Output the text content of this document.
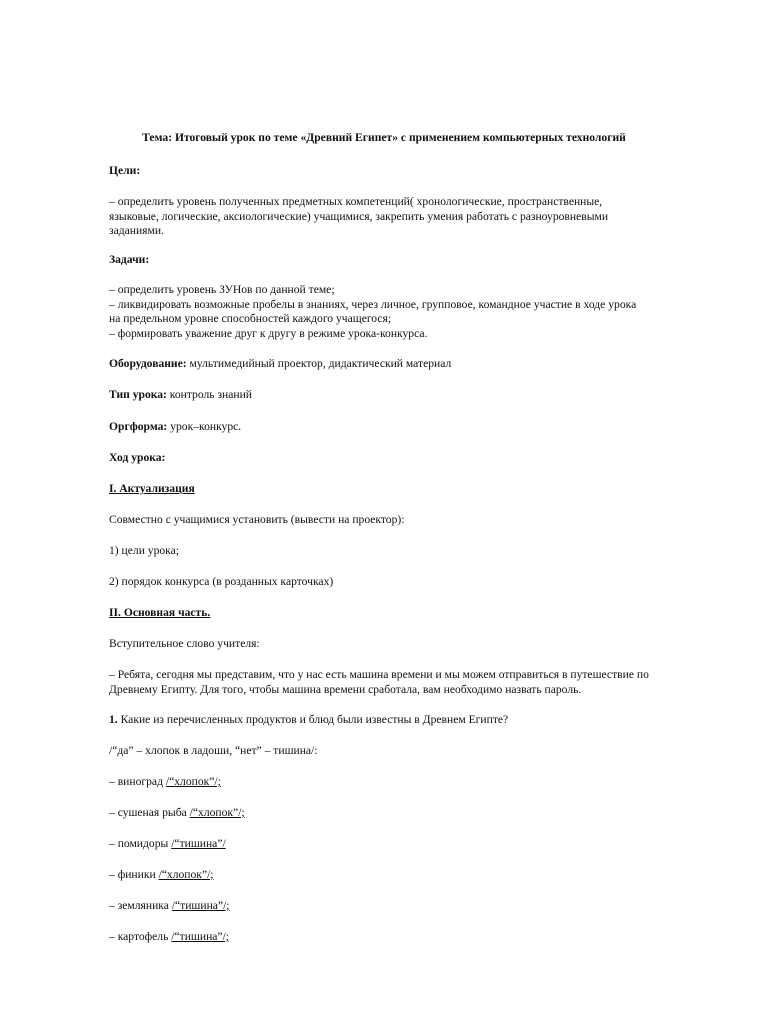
Тема: Итоговый урок по теме «Древний Египет» с применением компьютерных технологий

Цели:

– определить уровень полученных предметных компетенций( хронологические, пространственные,
языковые, логические, аксиологические) учащимися, закрепить умения работать с разноуровневыми
заданиями.

Задачи:

– определить уровень ЗУНов по данной теме;
– ликвидировать возможные пробелы в знаниях, через личное, групповое, командное участие в ходе урока
на предельном уровне способностей каждого учащегося;
– формировать уважение друг к другу в режиме урока-конкурса.

Оборудование: мультимедийный проектор, дидактический материал

Тип урока: контроль знаний

Оргформа: урок–конкурс.

Ход урока:

I. Актуализация

Совместно с учащимися установить (вывести на проектор):

1) цели урока;

2) порядок конкурса (в розданных карточках)

II. Основная часть.

Вступительное слово учителя:

– Ребята, сегодня мы представим, что у нас есть машина времени и мы можем отправиться в путешествие по
Древнему Египту. Для того, чтобы машина времени сработала, вам необходимо назвать пароль.

1. Какие из перечисленных продуктов и блюд были известны в Древнем Египте?

/“да” – хлопок в ладоши, “нет” – тишина/:

– виноград /“хлопок”/;

– сушеная рыба /“хлопок”/;

– помидоры /“тишина”/

– финики /“хлопок”/;

– земляника /“тишина”/;

– картофель /“тишина”/;
